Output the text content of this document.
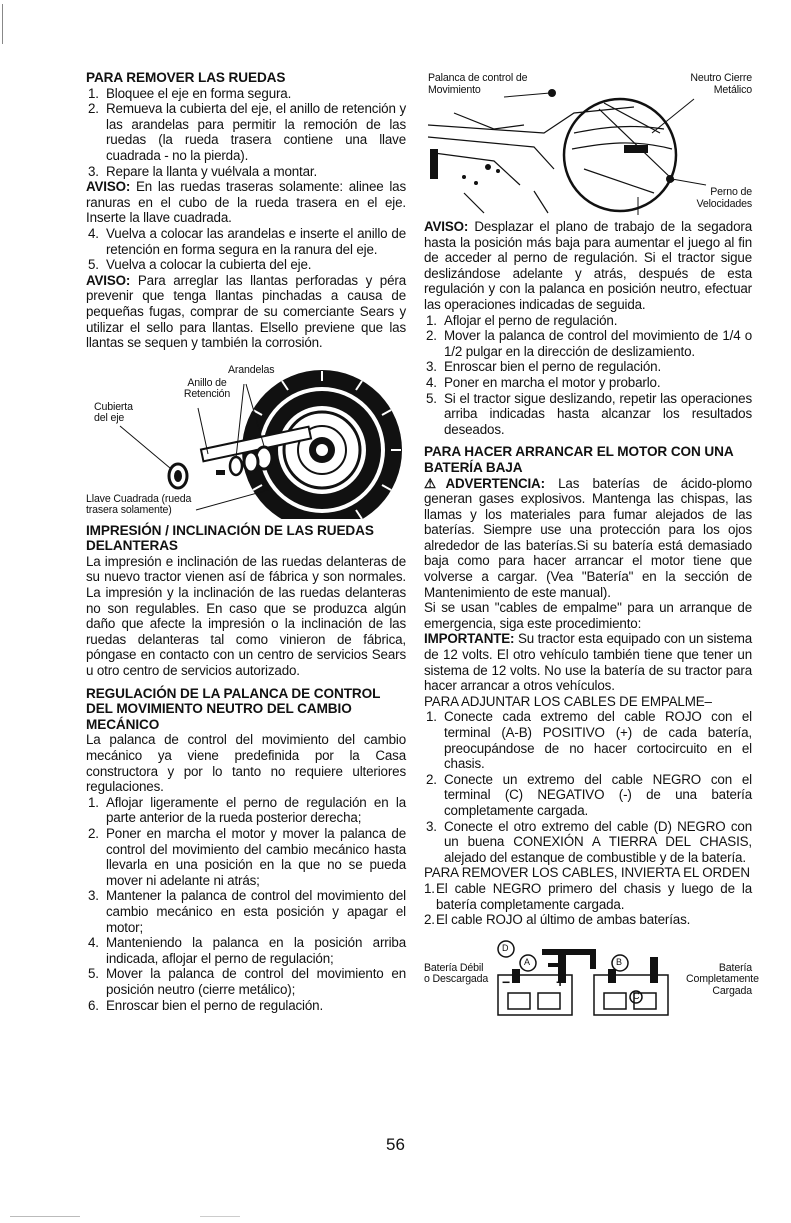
PARA REMOVER LAS RUEDAS
1. Bloquee el eje en forma segura.
2. Remueva la cubierta del eje, el anillo de retención y las arandelas para permitir la remoción de las ruedas (la rueda trasera contiene una llave cuadrada - no la pierda).
3. Repare la llanta y vuélvala a montar.

AVISO: En las ruedas traseras solamente: alinee las ranuras en el cubo de la rueda trasera en el eje. Inserte la llave cuadrada.

4. Vuelva a colocar las arandelas e inserte el anillo de retención en forma segura en la ranura del eje.
5. Vuelva a colocar la cubierta del eje.

AVISO: Para arreglar las llantas perforadas y péra prevenir que tenga llantas pinchadas a causa de pequeñas fugas, comprar de su comerciante Sears y utilizar el sello para llantas. Elsello previene que las llantas se sequen y también la corrosión.

Arandelas
Anillo de Retención
Cubierta del eje
Llave Cuadrada (rueda trasera solamente)
IMPRESIÓN / INCLINACIÓN DE LAS RUEDAS DELANTERAS

La impresión e inclinación de las ruedas delanteras de su nuevo tractor vienen así de fábrica y son normales. La impresión y la inclinación de las ruedas delanteras no son regulables. En caso que se produzca algún daño que afecte la impresión o la inclinación de las ruedas delanteras tal como vinieron de fábrica, póngase en contacto con un centro de servicios Sears u otro centro de servicios autorizado.

REGULACIÓN DE LA PALANCA DE CONTROL DEL MOVIMIENTO NEUTRO DEL CAMBIO MECÁNICO

La palanca de control del movimiento del cambio mecánico ya viene predefinida por la Casa constructora y por lo tanto no requiere ulteriores regulaciones.

1. Aflojar ligeramente el perno de regulación en la parte anterior de la rueda posterior derecha;
2. Poner en marcha el motor y mover la palanca de control del movimiento del cambio mecánico hasta llevarla en una posición en la que no se pueda mover ni adelante ni atrás;
3. Mantener la palanca de control del movimiento del cambio mecánico en esta posición y apagar el motor;
4. Manteniendo la palanca en la posición arriba indicada, aflojar el perno de regulación;
5. Mover la palanca de control del movimiento en posición neutro (cierre metálico);
6. Enroscar bien el perno de regulación.
Palanca de control de Movimiento
Neutro Cierre Metálico
Perno de Velocidades

AVISO: Desplazar el plano de trabajo de la segadora hasta la posición más baja para aumentar el juego al fin de acceder al perno de regulación. Si el tractor sigue deslizándose adelante y atrás, después de esta regulación y con la palanca en posición neutro, efectuar las operaciones indicadas de seguida.

1. Aflojar el perno de regulación.
2. Mover la palanca de control del movimiento de 1/4 o 1/2 pulgar en la dirección de deslizamiento.
3. Enroscar bien el perno de regulación.
4. Poner en marcha el motor y probarlo.
5. Si el tractor sigue deslizando, repetir las operaciones arriba indicadas hasta alcanzar los resultados deseados.
PARA HACER ARRANCAR EL MOTOR CON UNA BATERÍA BAJA

⚠ADVERTENCIA: Las baterías de ácido-plomo generan gases explosivos. Mantenga las chispas, las llamas y los materiales para fumar alejados de las baterías. Siempre use una protección para los ojos alrededor de las baterías.Si su batería está demasiado baja como para hacer arrancar el motor tiene que volverse a cargar. (Vea "Batería" en la sección de Mantenimiento de este manual).

Si se usan "cables de empalme" para un arranque de emergencia, siga este procedimiento:

IMPORTANTE: Su tractor esta equipado con un sistema de 12 volts. El otro vehículo también tiene que tener un sistema de 12 volts. No use la batería de su tractor para hacer arrancar a otros vehículos.

PARA ADJUNTAR LOS CABLES DE EMPALME–
1. Conecte cada extremo del cable ROJO con el terminal (A-B) POSITIVO (+) de cada batería, preocupándose de no hacer cortocircuito en el chasis.
2. Conecte un extremo del cable NEGRO con el terminal (C) NEGATIVO (-) de una batería completamente cargada.
3. Conecte el otro extremo del cable (D) NEGRO con un buena CONEXIÓN A TIERRA DEL CHASIS, alejado del estanque de combustible y de la batería.
PARA REMOVER LOS CABLES, INVIERTA EL ORDEN
1. El cable NEGRO primero del chasis y luego de la batería completamente cargada.
2. El cable ROJO al último de ambas baterías.
D
A	B
C
−	+
Batería Débil o Descargada
Batería Completamente Cargada
56
